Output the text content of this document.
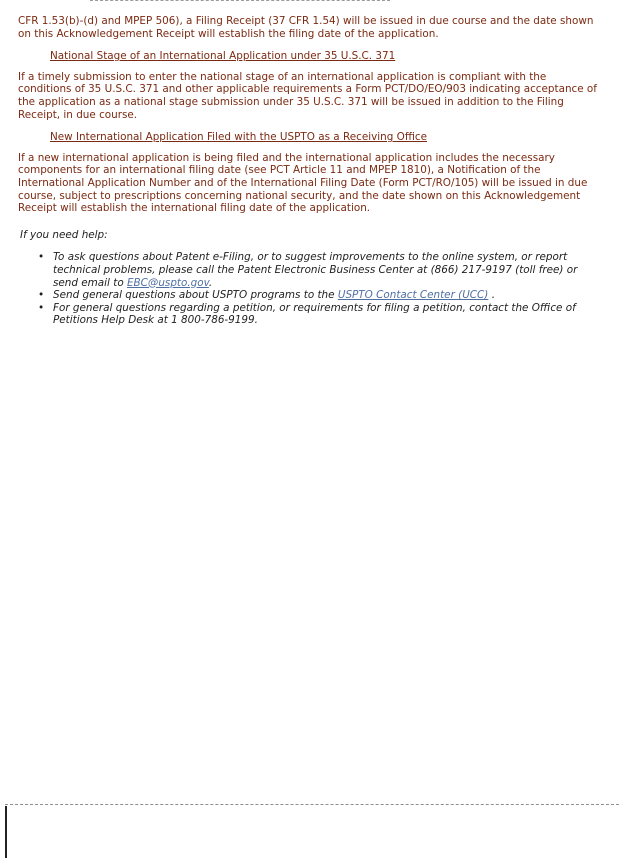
CFR 1.53(b)-(d) and MPEP 506), a Filing Receipt (37 CFR 1.54) will be issued in due course and the date shown on this Acknowledgement Receipt will establish the filing date of the application.

National Stage of an International Application under 35 U.S.C. 371

If a timely submission to enter the national stage of an international application is compliant with the conditions of 35 U.S.C. 371 and other applicable requirements a Form PCT/DO/EO/903 indicating acceptance of the application as a national stage submission under 35 U.S.C. 371 will be issued in addition to the Filing Receipt, in due course.

New International Application Filed with the USPTO as a Receiving Office

If a new international application is being filed and the international application includes the necessary components for an international filing date (see PCT Article 11 and MPEP 1810), a Notification of the International Application Number and of the International Filing Date (Form PCT/RO/105) will be issued in due course, subject to prescriptions concerning national security, and the date shown on this Acknowledgement Receipt will establish the international filing date of the application.

If you need help:

• To ask questions about Patent e-Filing, or to suggest improvements to the online system, or report technical problems, please call the Patent Electronic Business Center at (866) 217-9197 (toll free) or send email to EBC@uspto.gov.
• Send general questions about USPTO programs to the USPTO Contact Center (UCC) .
• For general questions regarding a petition, or requirements for filing a petition, contact the Office of Petitions Help Desk at 1 800-786-9199.
